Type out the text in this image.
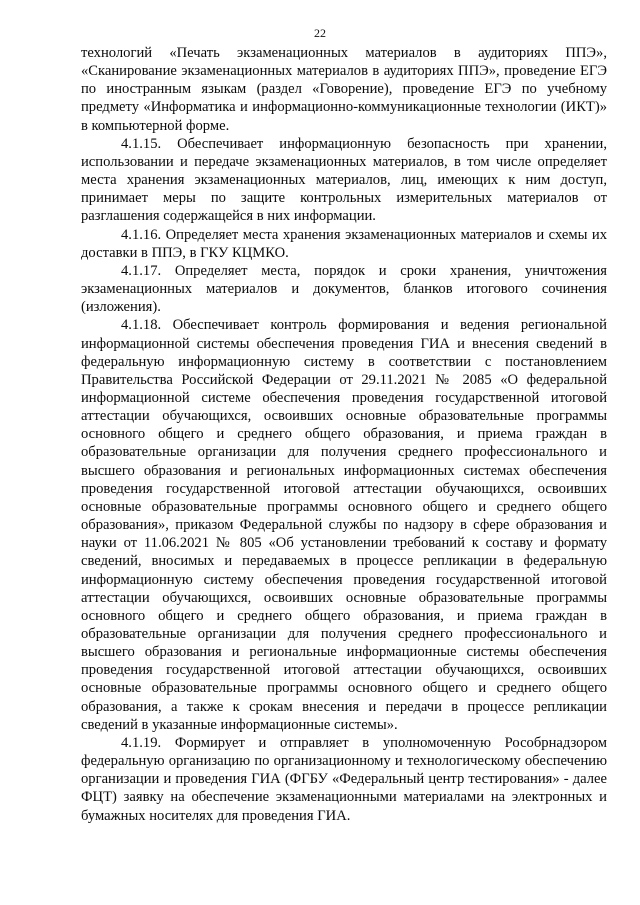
22

технологий «Печать экзаменационных материалов в аудиториях ППЭ», «Сканирование экзаменационных материалов в аудиториях ППЭ», проведение ЕГЭ по иностранным языкам (раздел «Говорение), проведение ЕГЭ по учебному предмету «Информатика и информационно-коммуникационные технологии (ИКТ)» в компьютерной форме.

4.1.15. Обеспечивает информационную безопасность при хранении, использовании и передаче экзаменационных материалов, в том числе определяет места хранения экзаменационных материалов, лиц, имеющих к ним доступ, принимает меры по защите контрольных измерительных материалов от разглашения содержащейся в них информации.

4.1.16. Определяет места хранения экзаменационных материалов и схемы их доставки в ППЭ, в ГКУ КЦМКО.

4.1.17. Определяет места, порядок и сроки хранения, уничтожения экзаменационных материалов и документов, бланков итогового сочинения (изложения).

4.1.18. Обеспечивает контроль формирования и ведения региональной информационной системы обеспечения проведения ГИА и внесения сведений в федеральную информационную систему в соответствии с постановлением Правительства Российской Федерации от 29.11.2021 № 2085 «О федеральной информационной системе обеспечения проведения государственной итоговой аттестации обучающихся, освоивших основные образовательные программы основного общего и среднего общего образования, и приема граждан в образовательные организации для получения среднего профессионального и высшего образования и региональных информационных системах обеспечения проведения государственной итоговой аттестации обучающихся, освоивших основные образовательные программы основного общего и среднего общего образования», приказом Федеральной службы по надзору в сфере образования и науки от 11.06.2021 № 805 «Об установлении требований к составу и формату сведений, вносимых и передаваемых в процессе репликации в федеральную информационную систему обеспечения проведения государственной итоговой аттестации обучающихся, освоивших основные образовательные программы основного общего и среднего общего образования, и приема граждан в образовательные организации для получения среднего профессионального и высшего образования и региональные информационные системы обеспечения проведения государственной итоговой аттестации обучающихся, освоивших основные образовательные программы основного общего и среднего общего образования, а также к срокам внесения и передачи в процессе репликации сведений в указанные информационные системы».

4.1.19. Формирует и отправляет в уполномоченную Рособрнадзором федеральную организацию по организационному и технологическому обеспечению организации и проведения ГИА (ФГБУ «Федеральный центр тестирования» - далее ФЦТ) заявку на обеспечение экзаменационными материалами на электронных и бумажных носителях для проведения ГИА.
